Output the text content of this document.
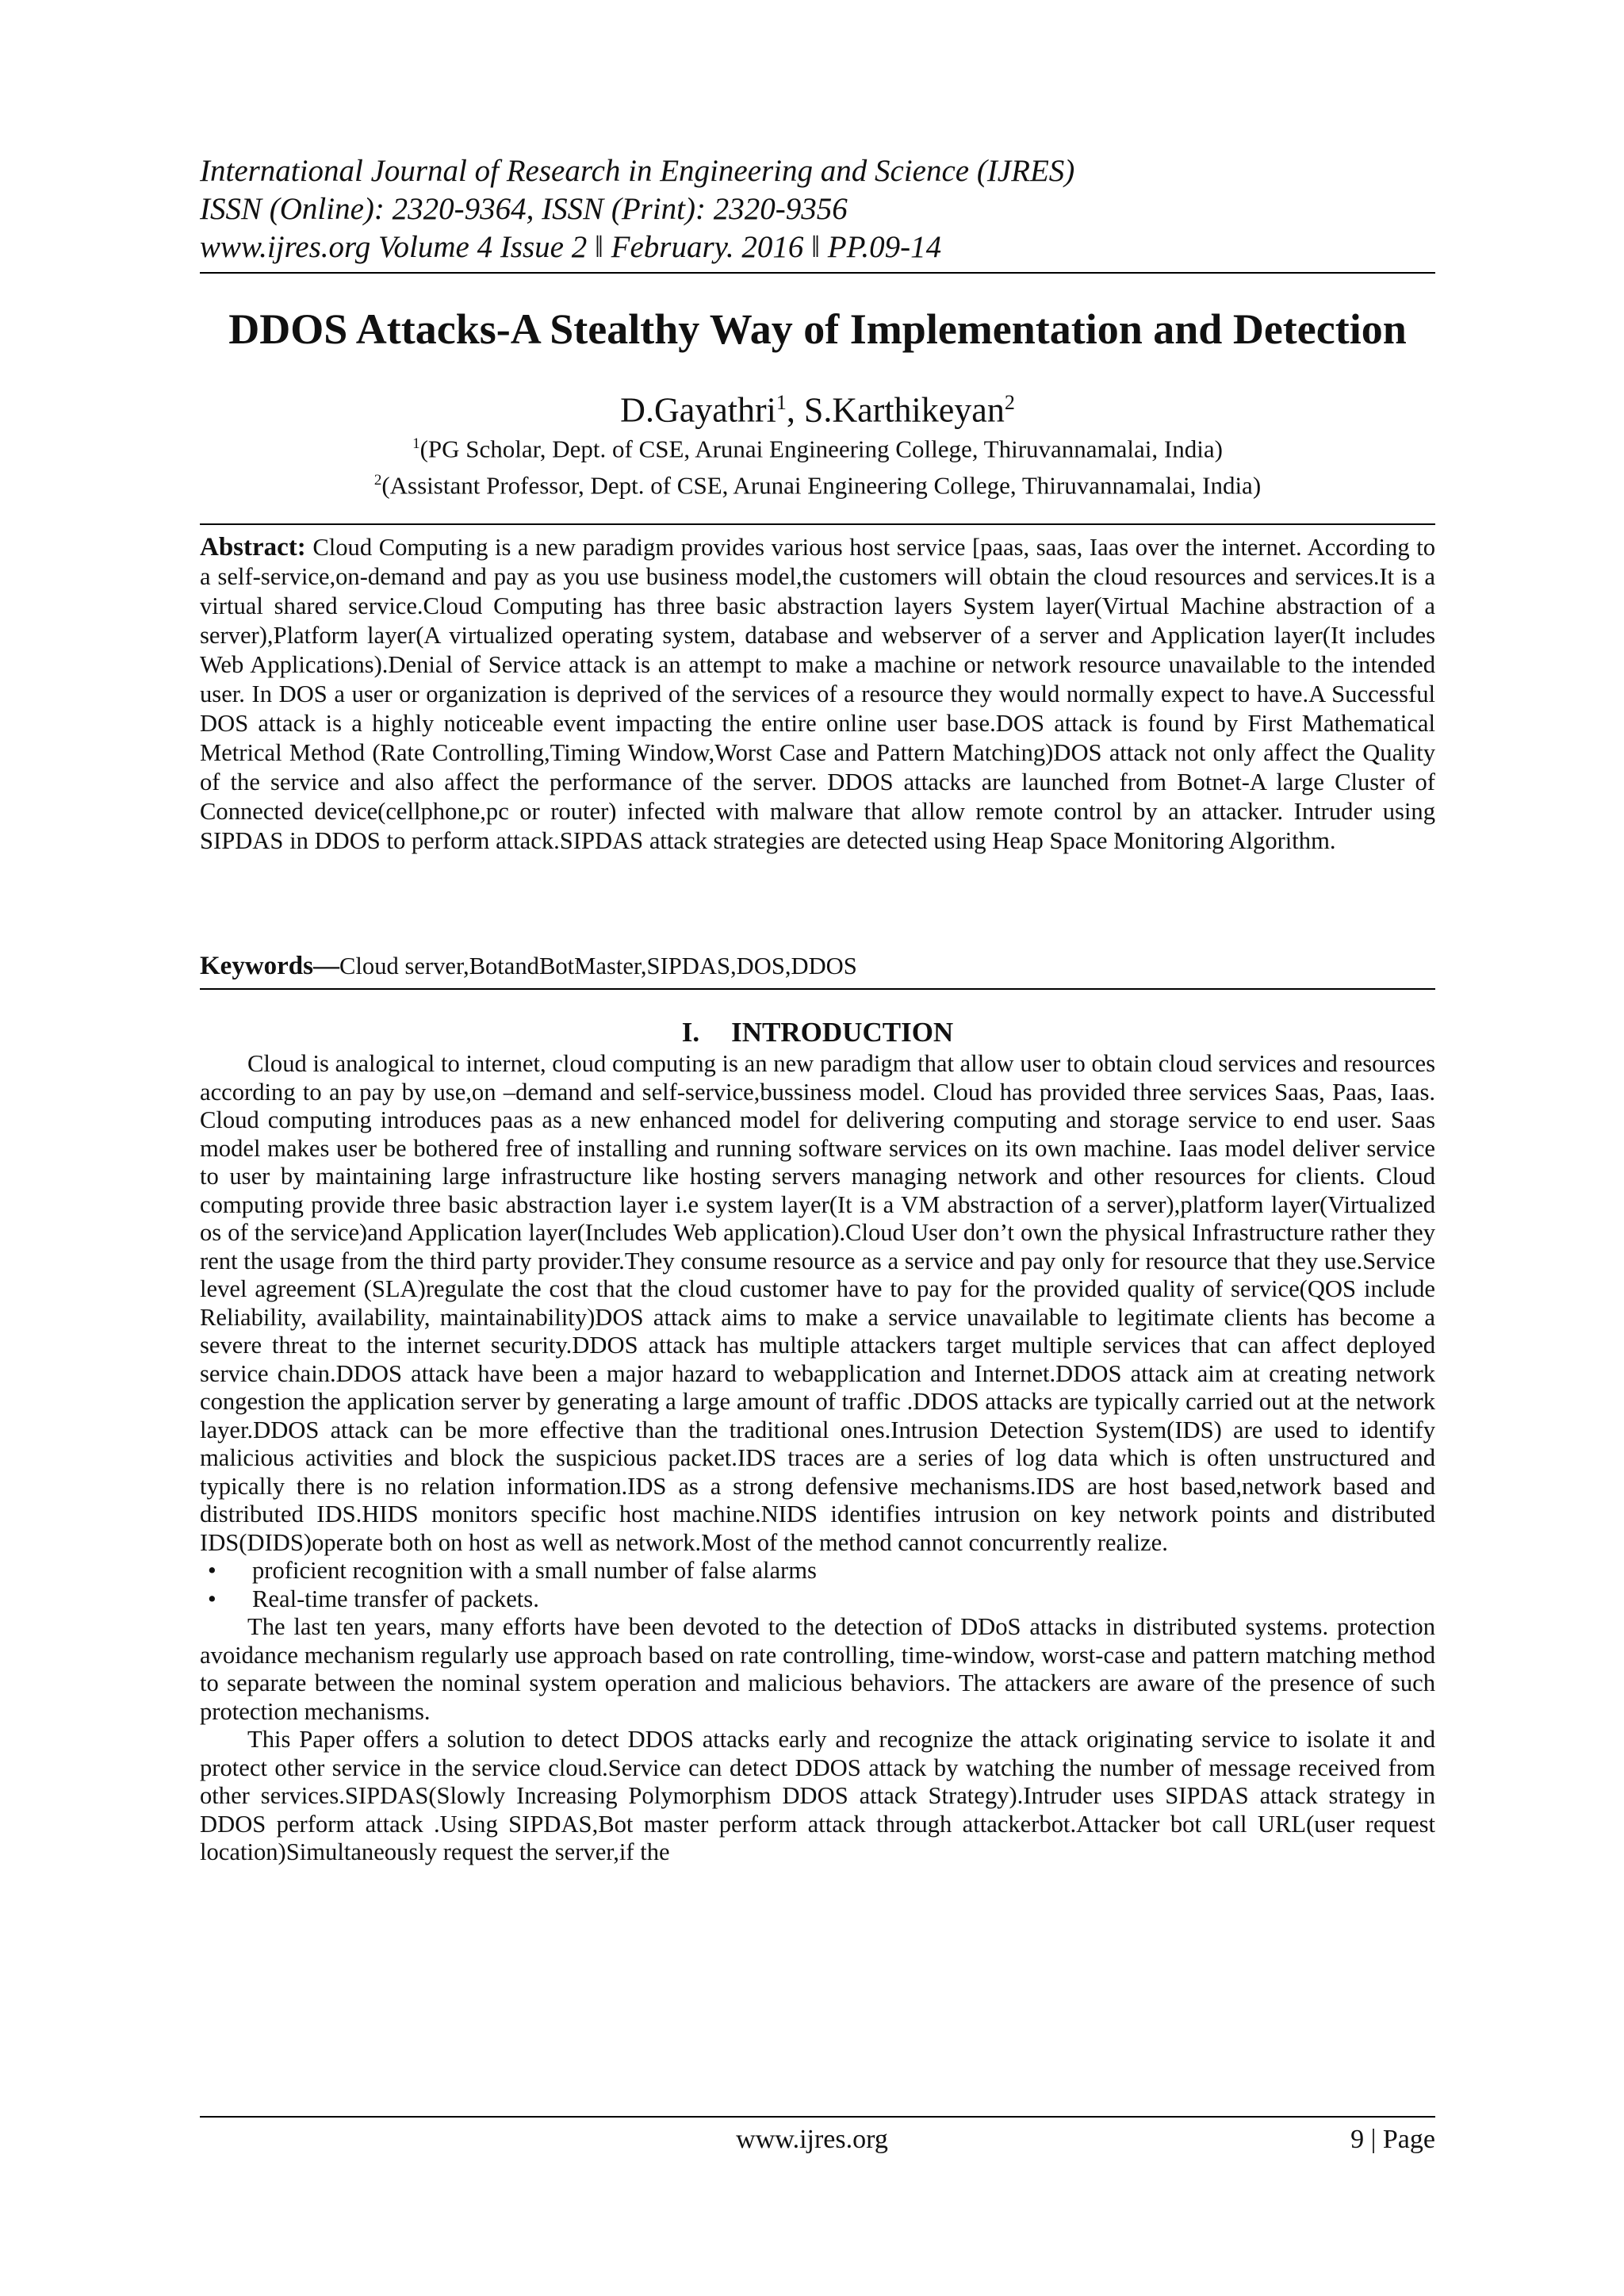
International Journal of Research in Engineering and Science (IJRES)
ISSN (Online): 2320-9364, ISSN (Print): 2320-9356
www.ijres.org Volume 4 Issue 2 ‖ February. 2016 ‖ PP.09-14
DDOS Attacks-A Stealthy Way of Implementation and Detection
D.Gayathri$^1$, S.Karthikeyan$^2$
$^1$(PG Scholar, Dept. of CSE, Arunai Engineering College, Thiruvannamalai, India)
$^2$(Assistant Professor, Dept. of CSE, Arunai Engineering College, Thiruvannamalai, India)
Abstract: Cloud Computing is a new paradigm provides various host service [paas, saas, Iaas over the internet. According to a self-service,on-demand and pay as you use business model,the customers will obtain the cloud resources and services.It is a virtual shared service.Cloud Computing has three basic abstraction layers System layer(Virtual Machine abstraction of a server),Platform layer(A virtualized operating system, database and webserver of a server and Application layer(It includes Web Applications).Denial of Service attack is an attempt to make a machine or network resource unavailable to the intended user. In DOS a user or organization is deprived of the services of a resource they would normally expect to have.A Successful DOS attack is a highly noticeable event impacting the entire online user base.DOS attack is found by First Mathematical Metrical Method (Rate Controlling,Timing Window,Worst Case and Pattern Matching)DOS attack not only affect the Quality of the service and also affect the performance of the server. DDOS attacks are launched from Botnet-A large Cluster of Connected device(cellphone,pc or router) infected with malware that allow remote control by an attacker. Intruder using SIPDAS in DDOS to perform attack.SIPDAS attack strategies are detected using Heap Space Monitoring Algorithm.
Keywords—Cloud server,BotandBotMaster,SIPDAS,DOS,DDOS
I. INTRODUCTION

Cloud is analogical to internet, cloud computing is an new paradigm that allow user to obtain cloud services and resources according to an pay by use,on –demand and self-service,bussiness model. Cloud has provided three services Saas, Paas, Iaas. Cloud computing introduces paas as a new enhanced model for delivering computing and storage service to end user. Saas model makes user be bothered free of installing and running software services on its own machine. Iaas model deliver service to user by maintaining large infrastructure like hosting servers managing network and other resources for clients. Cloud computing provide three basic abstraction layer i.e system layer(It is a VM abstraction of a server),platform layer(Virtualized os of the service)and Application layer(Includes Web application).Cloud User don’t own the physical Infrastructure rather they rent the usage from the third party provider.They consume resource as a service and pay only for resource that they use.Service level agreement (SLA)regulate the cost that the cloud customer have to pay for the provided quality of service(QOS include Reliability, availability, maintainability)DOS attack aims to make a service unavailable to legitimate clients has become a severe threat to the internet security.DDOS attack has multiple attackers target multiple services that can affect deployed service chain.DDOS attack have been a major hazard to webapplication and Internet.DDOS attack aim at creating network congestion the application server by generating a large amount of traffic .DDOS attacks are typically carried out at the network layer.DDOS attack can be more effective than the traditional ones.Intrusion Detection System(IDS) are used to identify malicious activities and block the suspicious packet.IDS traces are a series of log data which is often unstructured and typically there is no relation information.IDS as a strong defensive mechanisms.IDS are host based,network based and distributed IDS.HIDS monitors specific host machine.NIDS identifies intrusion on key network points and distributed IDS(DIDS)operate both on host as well as network.Most of the method cannot concurrently realize.

• proficient recognition with a small number of false alarms
• Real-time transfer of packets.

The last ten years, many efforts have been devoted to the detection of DDoS attacks in distributed systems. protection avoidance mechanism regularly use approach based on rate controlling, time-window, worst-case and pattern matching method to separate between the nominal system operation and malicious behaviors. The attackers are aware of the presence of such protection mechanisms.

This Paper offers a solution to detect DDOS attacks early and recognize the attack originating service to isolate it and protect other service in the service cloud.Service can detect DDOS attack by watching the number of message received from other services.SIPDAS(Slowly Increasing Polymorphism DDOS attack Strategy).Intruder uses SIPDAS attack strategy in DDOS perform attack .Using SIPDAS,Bot master perform attack through attackerbot.Attacker bot call URL(user request location)Simultaneously request the server,if the

www.ijres.org	9 | Page
